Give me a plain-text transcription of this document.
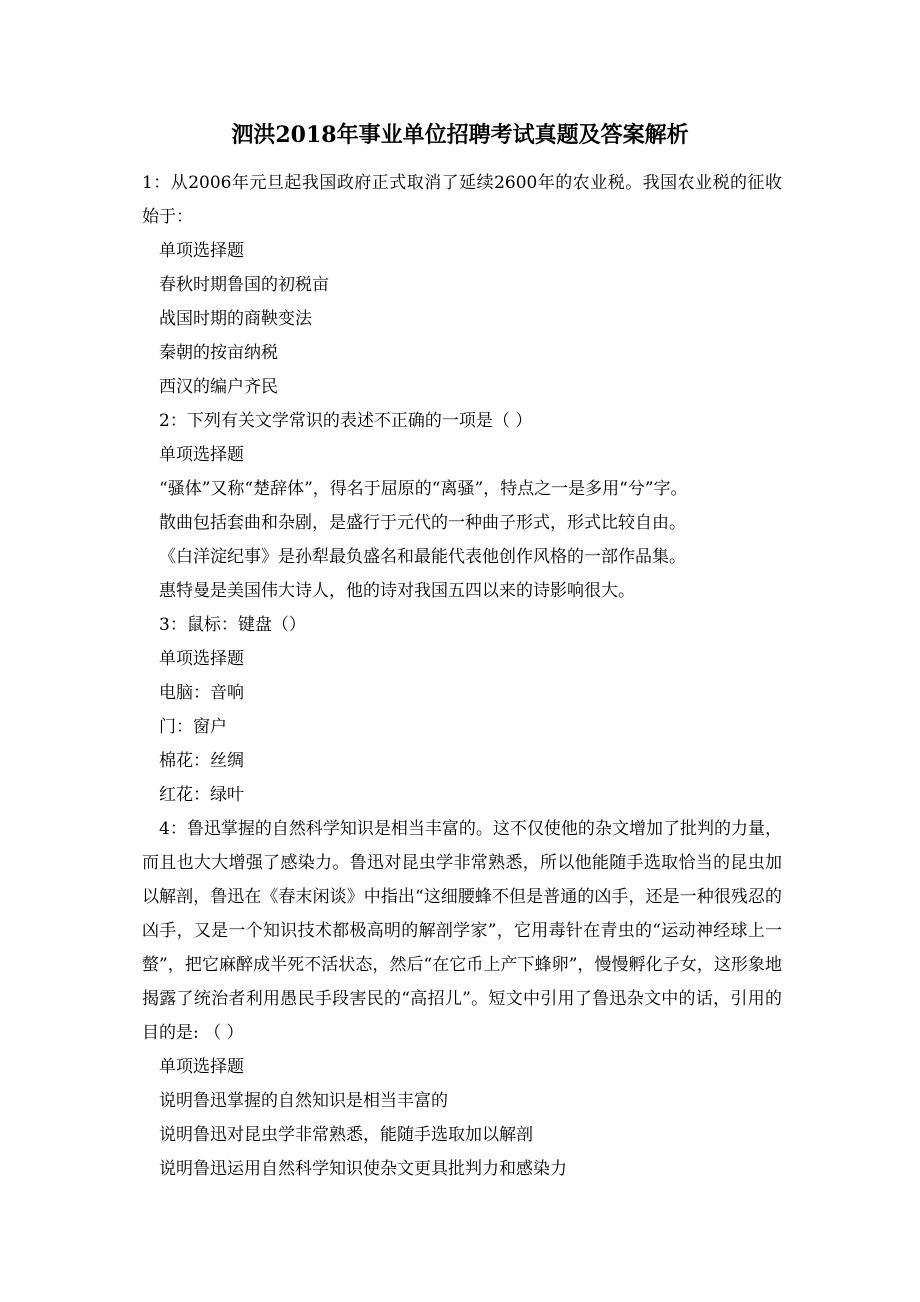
泗洪2018年事业单位招聘考试真题及答案解析

1：从2006年元旦起我国政府正式取消了延续2600年的农业税。我国农业税的征收始于：

单项选择题

春秋时期鲁国的初税亩

战国时期的商鞅变法

秦朝的按亩纳税

西汉的编户齐民

2：下列有关文学常识的表述不正确的一项是（ ）

单项选择题

“骚体”又称“楚辞体”，得名于屈原的“离骚”，特点之一是多用“兮”字。

散曲包括套曲和杂剧，是盛行于元代的一种曲子形式，形式比较自由。

《白洋淀纪事》是孙犁最负盛名和最能代表他创作风格的一部作品集。

惠特曼是美国伟大诗人，他的诗对我国五四以来的诗影响很大。

3：鼠标：键盘（）

单项选择题

电脑：音响

门：窗户

棉花：丝绸

红花：绿叶

4：鲁迅掌握的自然科学知识是相当丰富的。这不仅使他的杂文增加了批判的力量，而且也大大增强了感染力。鲁迅对昆虫学非常熟悉，所以他能随手选取恰当的昆虫加以解剖，鲁迅在《春末闲谈》中指出“这细腰蜂不但是普通的凶手，还是一种很残忍的凶手，又是一个知识技术都极高明的解剖学家”，它用毒针在青虫的“运动神经球上一螫”，把它麻醉成半死不活状态，然后“在它币上产下蜂卵”，慢慢孵化子女，这形象地揭露了统治者利用愚民手段害民的“高招儿”。短文中引用了鲁迅杂文中的话，引用的目的是: （ ）

单项选择题

说明鲁迅掌握的自然知识是相当丰富的

说明鲁迅对昆虫学非常熟悉，能随手选取加以解剖

说明鲁迅运用自然科学知识使杂文更具批判力和感染力
